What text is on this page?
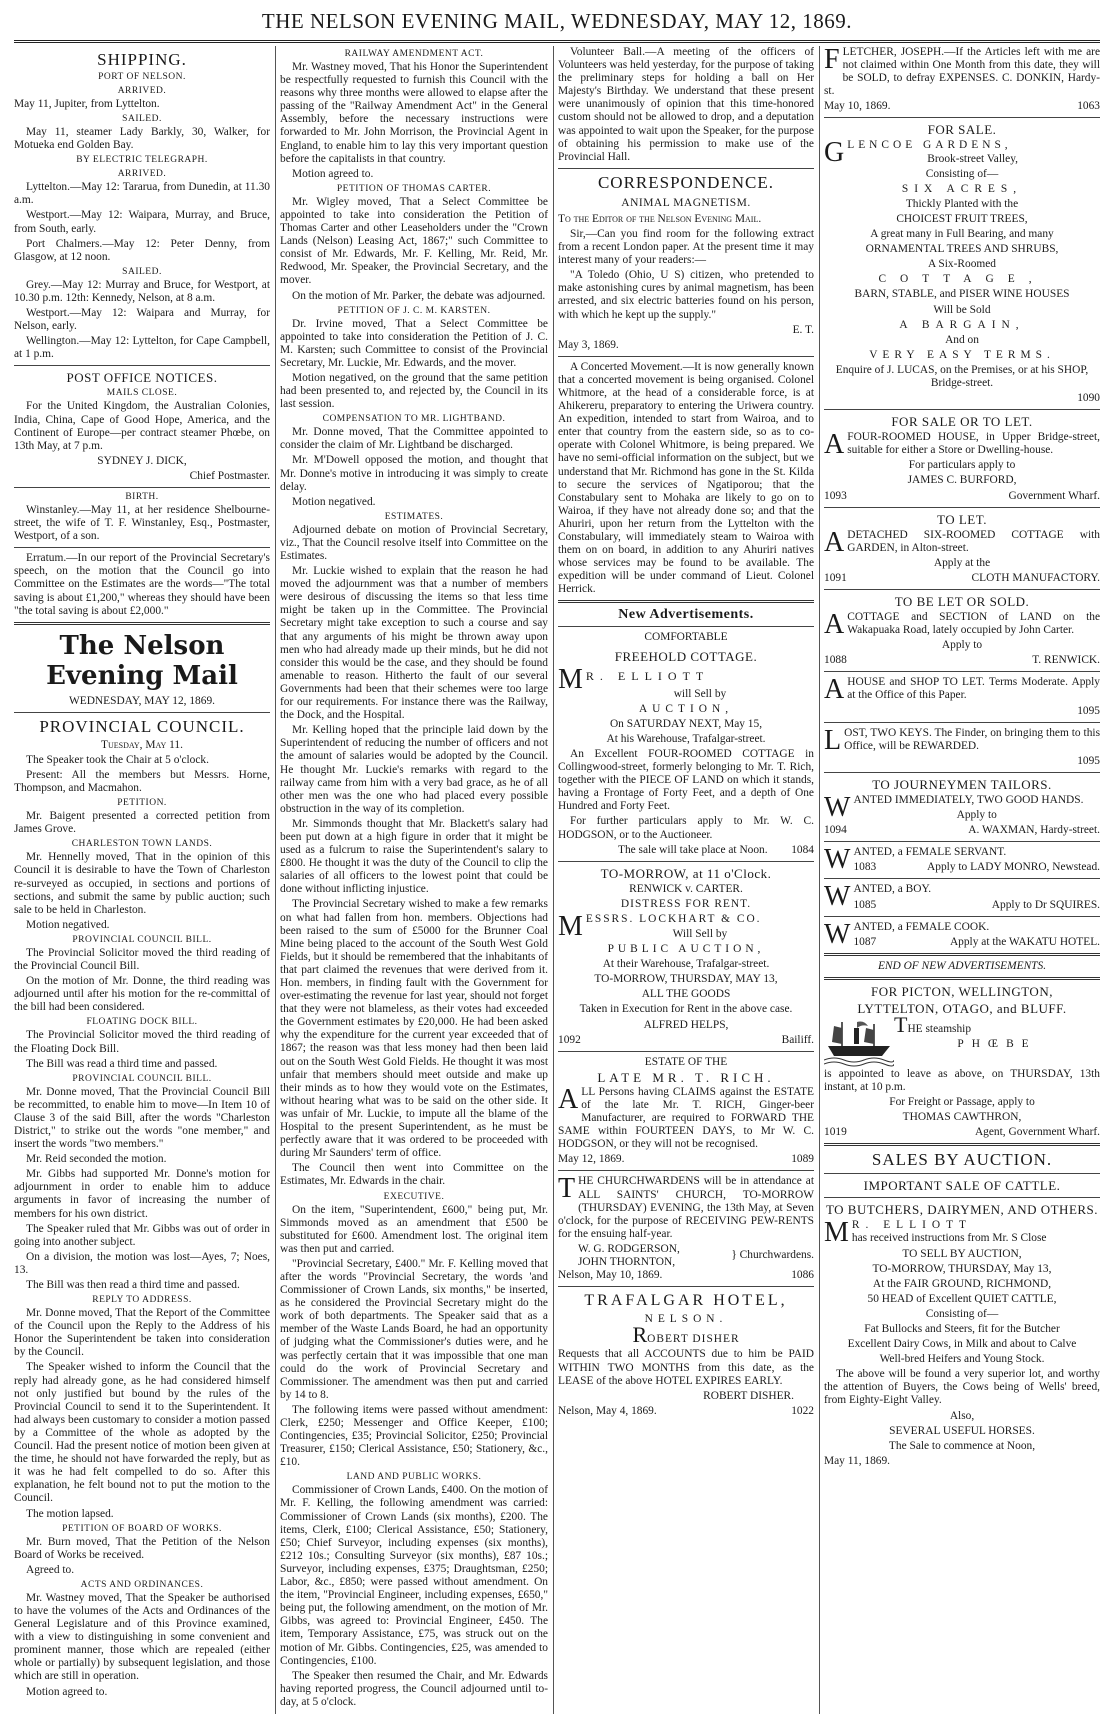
THE NELSON EVENING MAIL, WEDNESDAY, MAY 12, 1869.
SHIPPING.
PORT OF NELSON.
ARRIVED.

May 11, Jupiter, from Lyttelton.

SAILED.

May 11, steamer Lady Barkly, 30, Walker, for Motueka end Golden Bay.

BY ELECTRIC TELEGRAPH.
ARRIVED.

Lyttelton.—May 12: Tararua, from Dunedin, at 11.30 a.m.

Westport.—May 12: Waipara, Murray, and Bruce, from South, early.

Port Chalmers.—May 12: Peter Denny, from Glasgow, at 12 noon.

SAILED.

Grey.—May 12: Murray and Bruce, for Westport, at 10.30 p.m. 12th: Kennedy, Nelson, at 8 a.m.

Westport.—May 12: Waipara and Murray, for Nelson, early.

Wellington.—May 12: Lyttelton, for Cape Campbell, at 1 p.m.

POST OFFICE NOTICES.
MAILS CLOSE.

For the United Kingdom, the Australian Colonies, India, China, Cape of Good Hope, America, and the Continent of Europe—per contract steamer Phœbe, on 13th May, at 7 p.m.

SYDNEY J. DICK,

Chief Postmaster.

BIRTH.

Winstanley.—May 11, at her residence Shelbourne-street, the wife of T. F. Winstanley, Esq., Postmaster, Westport, of a son.

Erratum.—In our report of the Provincial Secretary's speech, on the motion that the Council go into Committee on the Estimates are the words—"The total saving is about £1,200," whereas they should have been "the total saving is about £2,000."

The Nelson Evening Mail

WEDNESDAY, MAY 12, 1869.

PROVINCIAL COUNCIL.

Tuesday, May 11.

The Speaker took the Chair at 5 o'clock.

Present: All the members but Messrs. Horne, Thompson, and Macmahon.

PETITION.

Mr. Baigent presented a corrected petition from James Grove.

CHARLESTON TOWN LANDS.

Mr. Hennelly moved, That in the opinion of this Council it is desirable to have the Town of Charleston re-surveyed as occupied, in sections and portions of sections, and submit the same by public auction; such sale to be held in Charleston.

Motion negatived.

PROVINCIAL COUNCIL BILL.

The Provincial Solicitor moved the third reading of the Provincial Council Bill.

On the motion of Mr. Donne, the third reading was adjourned until after his motion for the re-committal of the bill had been considered.

FLOATING DOCK BILL.

The Provincial Solicitor moved the third reading of the Floating Dock Bill.

The Bill was read a third time and passed.

PROVINCIAL COUNCIL BILL.

Mr. Donne moved, That the Provincial Council Bill be recommitted, to enable him to move—In Item 10 of Clause 3 of the said Bill, after the words "Charleston District," to strike out the words "one member," and insert the words "two members."

Mr. Reid seconded the motion.

Mr. Gibbs had supported Mr. Donne's motion for adjournment in order to enable him to adduce arguments in favor of increasing the number of members for his own district.

The Speaker ruled that Mr. Gibbs was out of order in going into another subject.

On a division, the motion was lost—Ayes, 7; Noes, 13.

The Bill was then read a third time and passed.

REPLY TO ADDRESS.

Mr. Donne moved, That the Report of the Committee of the Council upon the Reply to the Address of his Honor the Superintendent be taken into consideration by the Council.

The Speaker wished to inform the Council that the reply had already gone, as he had considered himself not only justified but bound by the rules of the Provincial Council to send it to the Superintendent. It had always been customary to consider a motion passed by a Committee of the whole as adopted by the Council. Had the present notice of motion been given at the time, he should not have forwarded the reply, but as it was he had felt compelled to do so. After this explanation, he felt bound not to put the motion to the Council.

The motion lapsed.

PETITION OF BOARD OF WORKS.

Mr. Burn moved, That the Petition of the Nelson Board of Works be received.

Agreed to.

ACTS AND ORDINANCES.

Mr. Wastney moved, That the Speaker be authorised to have the volumes of the Acts and Ordinances of the General Legislature and of this Province examined, with a view to distinguishing in some convenient and prominent manner, those which are repealed (either whole or partially) by subsequent legislation, and those which are still in operation.

Motion agreed to.

RAILWAY AMENDMENT ACT.

Mr. Wastney moved, That his Honor the Superintendent be respectfully requested to furnish this Council with the reasons why three months were allowed to elapse after the passing of the "Railway Amendment Act" in the General Assembly, before the necessary instructions were forwarded to Mr. John Morrison, the Provincial Agent in England, to enable him to lay this very important question before the capitalists in that country.

Motion agreed to.

PETITION OF THOMAS CARTER.

Mr. Wigley moved, That a Select Committee be appointed to take into consideration the Petition of Thomas Carter and other Leaseholders under the "Crown Lands (Nelson) Leasing Act, 1867;" such Committee to consist of Mr. Edwards, Mr. F. Kelling, Mr. Reid, Mr. Redwood, Mr. Speaker, the Provincial Secretary, and the mover.

On the motion of Mr. Parker, the debate was adjourned.

PETITION OF J. C. M. KARSTEN.

Dr. Irvine moved, That a Select Committee be appointed to take into consideration the Petition of J. C. M. Karsten; such Committee to consist of the Provincial Secretary, Mr. Luckie, Mr. Edwards, and the mover.

Motion negatived, on the ground that the same petition had been presented to, and rejected by, the Council in its last session.

COMPENSATION TO MR. LIGHTBAND.

Mr. Donne moved, That the Committee appointed to consider the claim of Mr. Lightband be discharged.

Mr. M'Dowell opposed the motion, and thought that Mr. Donne's motive in introducing it was simply to create delay.

Motion negatived.

ESTIMATES.

Adjourned debate on motion of Provincial Secretary, viz., That the Council resolve itself into Committee on the Estimates.

Mr. Luckie wished to explain that the reason he had moved the adjournment was that a number of members were desirous of discussing the items so that less time might be taken up in the Committee. The Provincial Secretary might take exception to such a course and say that any arguments of his might be thrown away upon men who had already made up their minds, but he did not consider this would be the case, and they should be found amenable to reason. Hitherto the fault of our several Governments had been that their schemes were too large for our requirements. For instance there was the Railway, the Dock, and the Hospital.

Mr. Kelling hoped that the principle laid down by the Superintendent of reducing the number of officers and not the amount of salaries would be adopted by the Council. He thought Mr. Luckie's remarks with regard to the railway came from him with a very bad grace, as he of all other men was the one who had placed every possible obstruction in the way of its completion.

Mr. Simmonds thought that Mr. Blackett's salary had been put down at a high figure in order that it might be used as a fulcrum to raise the Superintendent's salary to £800. He thought it was the duty of the Council to clip the salaries of all officers to the lowest point that could be done without inflicting injustice.

The Provincial Secretary wished to make a few remarks on what had fallen from hon. members. Objections had been raised to the sum of £5000 for the Brunner Coal Mine being placed to the account of the South West Gold Fields, but it should be remembered that the inhabitants of that part claimed the revenues that were derived from it. Hon. members, in finding fault with the Government for over-estimating the revenue for last year, should not forget that they were not blameless, as their votes had exceeded the Government estimates by £20,000. He had been asked why the expenditure for the current year exceeded that of 1867; the reason was that less money had then been laid out on the South West Gold Fields. He thought it was most unfair that members should meet outside and make up their minds as to how they would vote on the Estimates, without hearing what was to be said on the other side. It was unfair of Mr. Luckie, to impute all the blame of the Hospital to the present Superintendent, as he must be perfectly aware that it was ordered to be proceeded with during Mr Saunders' term of office.

The Council then went into Committee on the Estimates, Mr. Edwards in the chair.

EXECUTIVE.

On the item, "Superintendent, £600," being put, Mr. Simmonds moved as an amendment that £500 be substituted for £600. Amendment lost. The original item was then put and carried.

"Provincial Secretary, £400." Mr. F. Kelling moved that after the words "Provincial Secretary, the words 'and Commissioner of Crown Lands, six months," be inserted, as he considered the Provincial Secretary might do the work of both departments. The Speaker said that as a member of the Waste Lands Board, he had an opportunity of judging what the Commissioner's duties were, and he was perfectly certain that it was impossible that one man could do the work of Provincial Secretary and Commissioner. The amendment was then put and carried by 14 to 8.

The following items were passed without amendment: Clerk, £250; Messenger and Office Keeper, £100; Contingencies, £35; Provincial Solicitor, £250; Provincial Treasurer, £150; Clerical Assistance, £50; Stationery, &c., £10.

LAND AND PUBLIC WORKS.

Commissioner of Crown Lands, £400. On the motion of Mr. F. Kelling, the following amendment was carried: Commissioner of Crown Lands (six months), £200. The items, Clerk, £100; Clerical Assistance, £50; Stationery, £50; Chief Surveyor, including expenses (six months), £212 10s.; Consulting Surveyor (six months), £87 10s.; Surveyor, including expenses, £375; Draughtsman, £250; Labor, &c., £850; were passed without amendment. On the item, "Provincial Engineer, including expenses, £650," being put, the following amendment, on the motion of Mr. Gibbs, was agreed to: Provincial Engineer, £450. The item, Temporary Assistance, £75, was struck out on the motion of Mr. Gibbs. Contingencies, £25, was amended to Contingencies, £100.

The Speaker then resumed the Chair, and Mr. Edwards having reported progress, the Council adjourned until to-day, at 5 o'clock.

Volunteer Ball.—A meeting of the officers of Volunteers was held yesterday, for the purpose of taking the preliminary steps for holding a ball on Her Majesty's Birthday. We understand that these present were unanimously of opinion that this time-honored custom should not be allowed to drop, and a deputation was appointed to wait upon the Speaker, for the purpose of obtaining his permission to make use of the Provincial Hall.

CORRESPONDENCE.
ANIMAL MAGNETISM.

To the Editor of the Nelson Evening Mail.

Sir,—Can you find room for the following extract from a recent London paper. At the present time it may interest many of your readers:—

"A Toledo (Ohio, U S) citizen, who pretended to make astonishing cures by animal magnetism, has been arrested, and six electric batteries found on his person, with which he kept up the supply."

E. T.

May 3, 1869.

A Concerted Movement.—It is now generally known that a concerted movement is being organised. Colonel Whitmore, at the head of a considerable force, is at Ahikereru, preparatory to entering the Uriwera country. An expedition, intended to start from Wairoa, and to enter that country from the eastern side, so as to co-operate with Colonel Whitmore, is being prepared. We have no semi-official information on the subject, but we understand that Mr. Richmond has gone in the St. Kilda to secure the services of Ngatiporou; that the Constabulary sent to Mohaka are likely to go on to Wairoa, if they have not already done so; and that the Ahuriri, upon her return from the Lyttelton with the Constabulary, will immediately steam to Wairoa with them on on board, in addition to any Ahuriri natives whose services may be found to be available. The expedition will be under command of Lieut. Colonel Herrick.

New Advertisements.

COMFORTABLE

FREEHOLD COTTAGE.

M R. ELLIOTT

will Sell by

AUCTION,

On SATURDAY NEXT, May 15,

At his Warehouse, Trafalgar-street.

An Excellent FOUR-ROOMED COTTAGE in Collingwood-street, formerly belonging to Mr. T. Rich, together with the PIECE OF LAND on which it stands, having a Frontage of Forty Feet, and a depth of One Hundred and Forty Feet.

For further particulars apply to Mr. W. C. HODGSON, or to the Auctioneer.

The sale will take place at Noon. 1084
TO-MORROW, at 11 o'Clock.

RENWICK v. CARTER.

DISTRESS FOR RENT.

MESSRS. LOCKHART & CO.

Will Sell by

PUBLIC AUCTION,

At their Warehouse, Trafalgar-street.

TO-MORROW, THURSDAY, MAY 13,

ALL THE GOODS

Taken in Execution for Rent in the above case.

ALFRED HELPS,

1092	Bailiff.

ESTATE OF THE

LATE MR. T. RICH.

ALL Persons having CLAIMS against the ESTATE of the late Mr. T. RICH, Ginger-beer Manufacturer, are required to FORWARD THE SAME within FOURTEEN DAYS, to Mr W. C. HODGSON, or they will not be recognised.

May 12, 1869.	1089

THE CHURCHWARDENS will be in attendance at ALL SAINTS' CHURCH, TO-MORROW (THURSDAY) EVENING, the 13th May, at Seven o'clock, for the purpose of RECEIVING PEW-RENTS for the ensuing half-year.

W. G. RODGERSON,
JOHN THORNTON,
} Churchwardens.
Nelson, May 10, 1869.	1086

TRAFALGAR HOTEL,

NELSON.

ROBERT DISHER

Requests that all ACCOUNTS due to him be PAID WITHIN TWO MONTHS from this date, as the LEASE of the above HOTEL EXPIRES EARLY.

ROBERT DISHER.

Nelson, May 4, 1869.	1022

FLETCHER, JOSEPH.—If the Articles left with me are not claimed within One Month from this date, they will be SOLD, to defray EXPENSES. C. DONKIN, Hardy-st.

May 10, 1869.	1063
FOR SALE.

GLENCOE GARDENS,
Brook-street Valley,

Consisting of—

SIX ACRES,

Thickly Planted with the

CHOICEST FRUIT TREES,

A great many in Full Bearing, and many

ORNAMENTAL TREES AND SHRUBS,

A Six-Roomed

COTTAGE,

BARN, STABLE, and PISER WINE HOUSES

Will be Sold

A BARGAIN,

And on

VERY EASY TERMS.

Enquire of J. LUCAS, on the Premises, or at his SHOP, Bridge-street.

1090

FOR SALE OR TO LET.

AFOUR-ROOMED HOUSE, in Upper Bridge-street, suitable for either a Store or Dwelling-house.

For particulars apply to

JAMES C. BURFORD,

1093	Government Wharf.
TO LET.

ADETACHED SIX-ROOMED COTTAGE with GARDEN, in Alton-street.

Apply at the

1091	CLOTH MANUFACTORY.
TO BE LET OR SOLD.

ACOTTAGE and SECTION of LAND on the Wakapuaka Road, lately occupied by John Carter.

Apply to

1088	T. RENWICK.

AHOUSE and SHOP TO LET. Terms Moderate. Apply at the Office of this Paper.

1095

LOST, TWO KEYS. The Finder, on bringing them to this Office, will be REWARDED.

1095

TO JOURNEYMEN TAILORS.

WANTED IMMEDIATELY, TWO GOOD HANDS.

Apply to

1094	A. WAXMAN, Hardy-street.

WANTED, a FEMALE SERVANT.

1083	Apply to LADY MONRO, Newstead.

WANTED, a BOY.

1085	Apply to Dr SQUIRES.

WANTED, a FEMALE COOK.

1087	Apply at the WAKATU HOTEL.

END OF NEW ADVERTISEMENTS.

FOR PICTON, WELLINGTON,
LYTTELTON, OTAGO, and BLUFF.

THE steamship

PHŒBE

is appointed to leave as above, on THURSDAY, 13th instant, at 10 p.m.

For Freight or Passage, apply to

THOMAS CAWTHRON,

1019	Agent, Government Wharf.
SALES BY AUCTION.
IMPORTANT SALE OF CATTLE.
TO BUTCHERS, DAIRYMEN, AND OTHERS.

M R. ELLIOTT
has received instructions from Mr. S Close

TO SELL BY AUCTION,

TO-MORROW, THURSDAY, May 13,

At the FAIR GROUND, RICHMOND,

50 HEAD of Excellent QUIET CATTLE,

Consisting of—

Fat Bullocks and Steers, fit for the Butcher

Excellent Dairy Cows, in Milk and about to Calve

Well-bred Heifers and Young Stock.

The above will be found a very superior lot, and worthy the attention of Buyers, the Cows being of Wells' breed, from Eighty-Eight Valley.

Also,

SEVERAL USEFUL HORSES.

The Sale to commence at Noon,

May 11, 1869.
